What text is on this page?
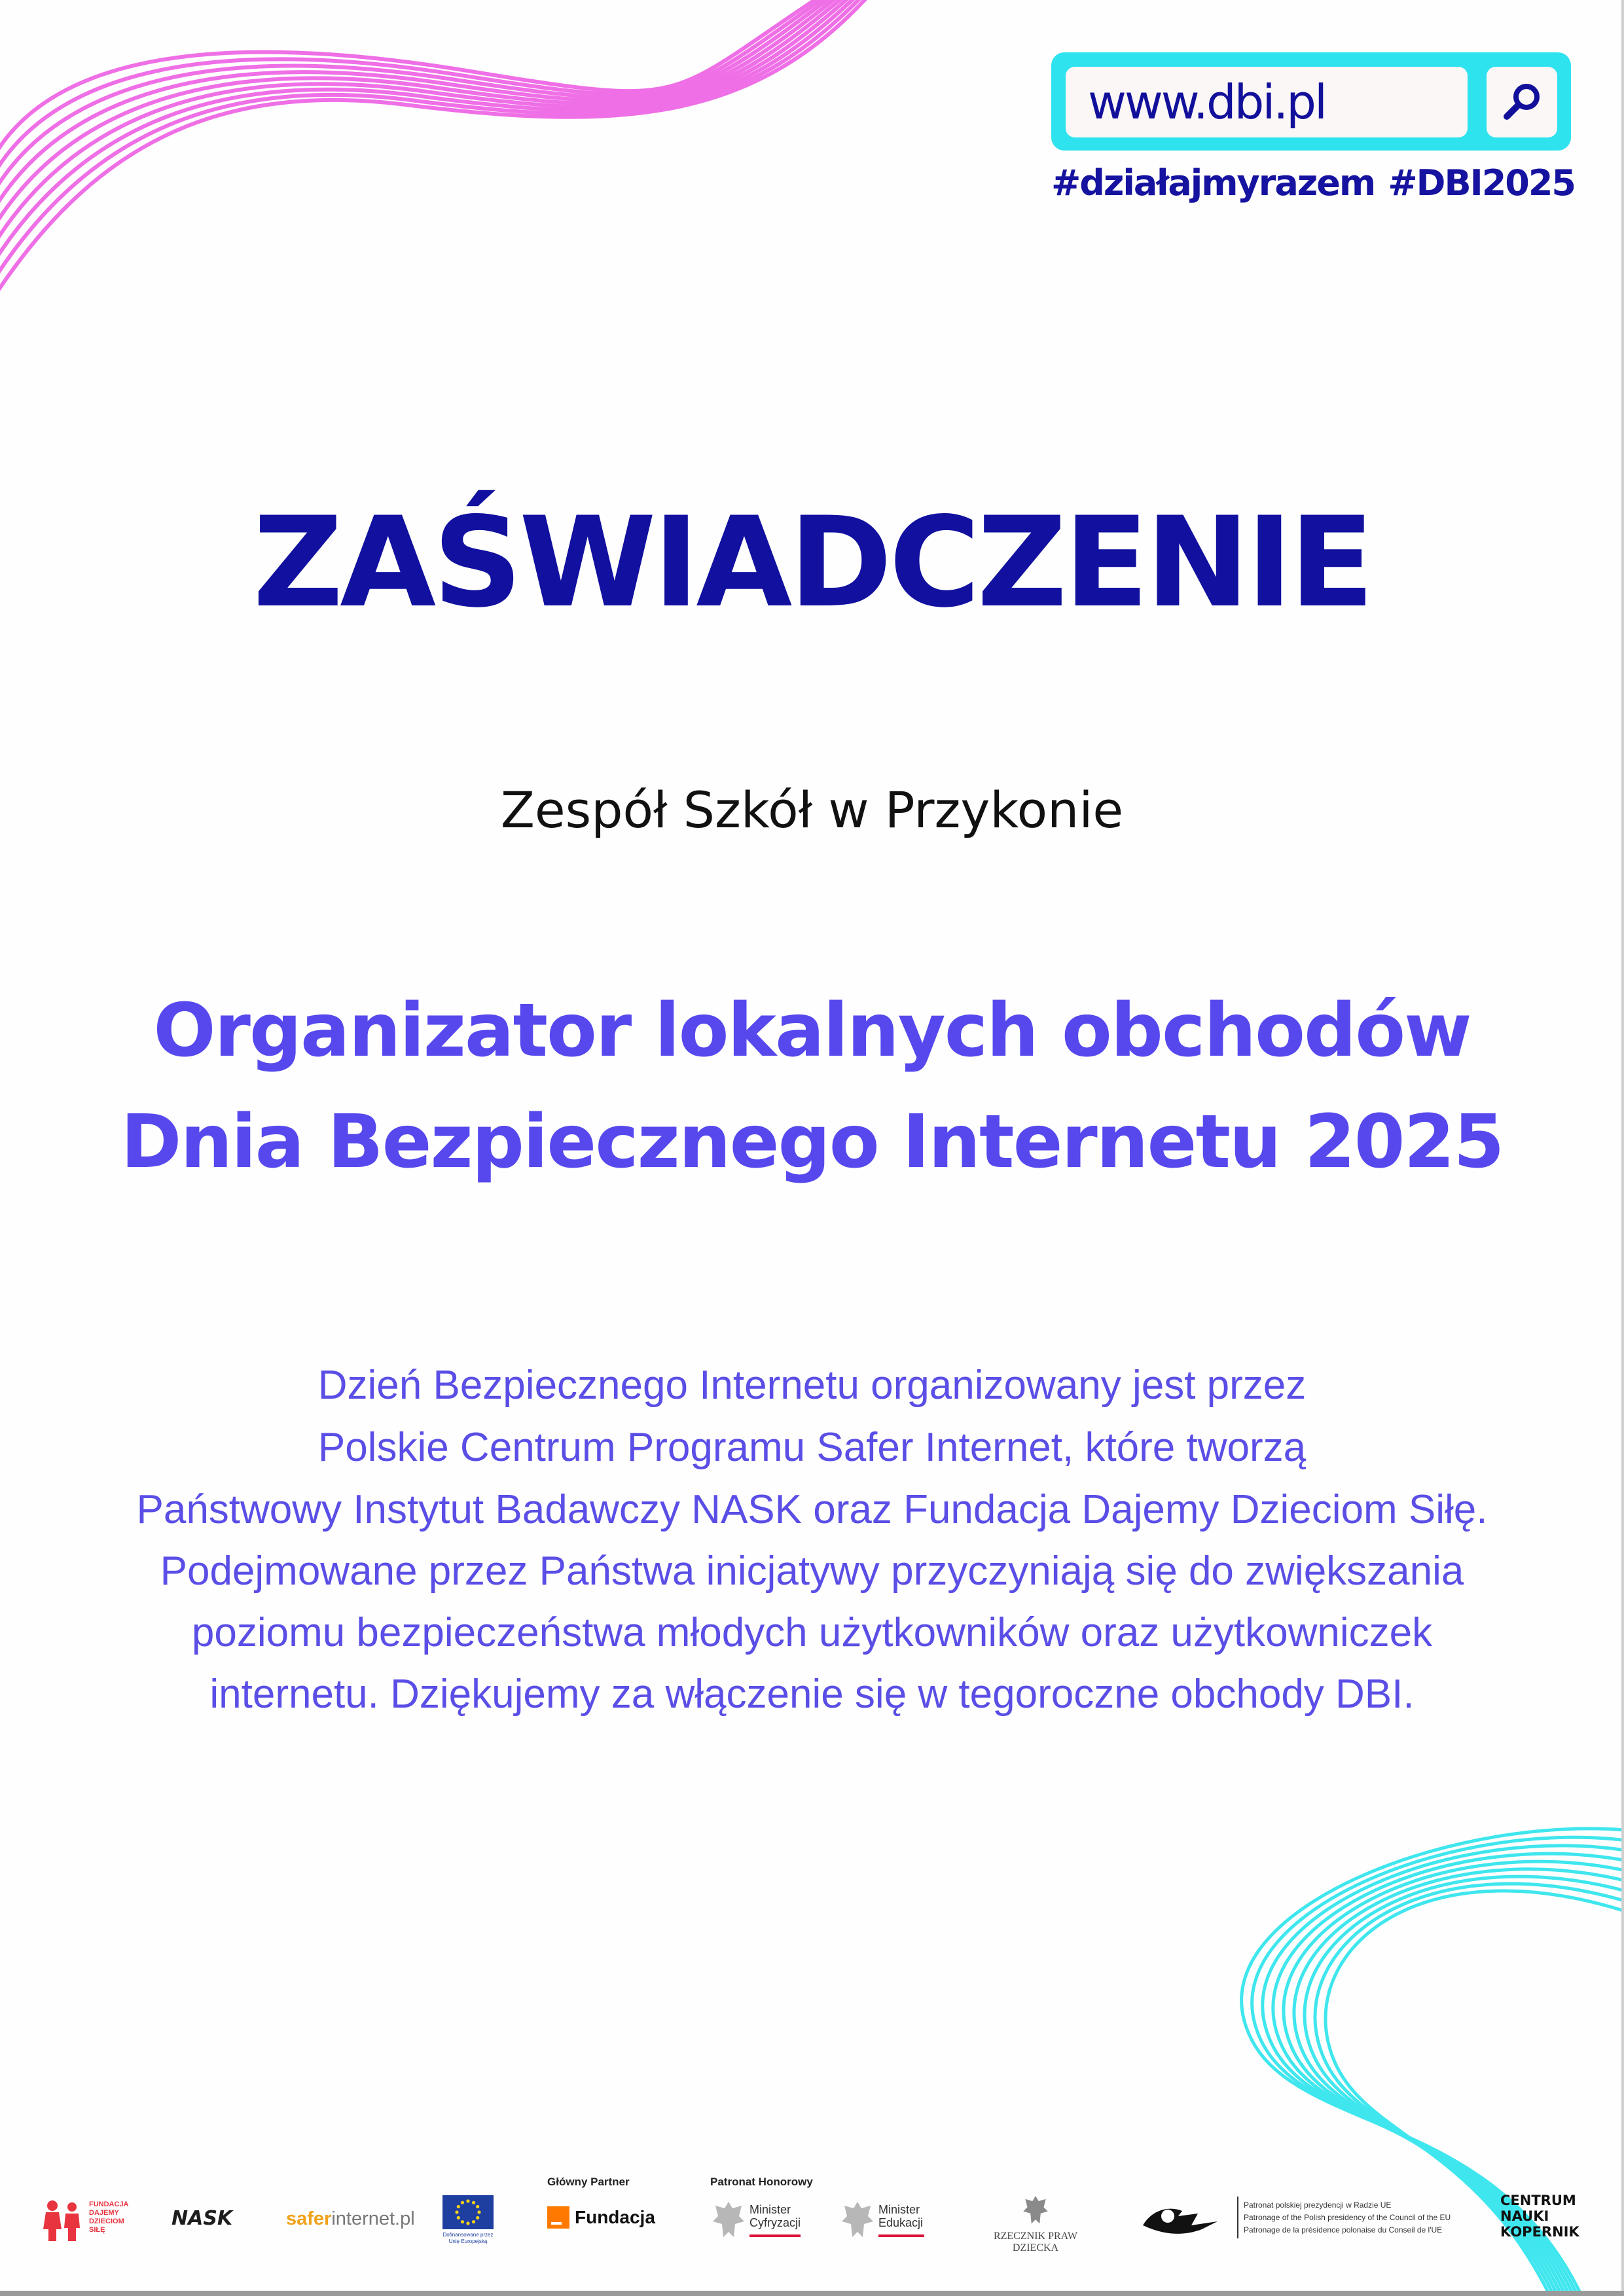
www.dbi.pl
#działajmyrazem #DBI2025
ZAŚWIADCZENIE
Zespół Szkół w Przykonie
Organizator lokalnych obchodów
Dnia Bezpiecznego Internetu 2025
Dzień Bezpiecznego Internetu organizowany jest przez
Polskie Centrum Programu Safer Internet, które tworzą
Państwowy Instytut Badawczy NASK oraz Fundacja Dajemy Dzieciom Siłę.
Podejmowane przez Państwa inicjatywy przyczyniają się do zwiększania
poziomu bezpieczeństwa młodych użytkowników oraz użytkowniczek
internetu. Dziękujemy za włączenie się w tegoroczne obchody DBI.
FUNDACJA
DAJEMY
DZIECIOM
SIŁĘ	NASK	saferinternet.pl
Dofinansowane przez
Unię Europejską
Główny Partner
Fundacja
Patronat Honorowy
Minister
Cyfryzacji
Minister
Edukacji
RZECZNIK PRAW DZIECKA
Patronat polskiej prezydencji w Radzie UE
Patronage of the Polish presidency of the Council of the EU
Patronage de la présidence polonaise du Conseil de l'UE
CENTRUM
NAUKI
KOPERNIK
